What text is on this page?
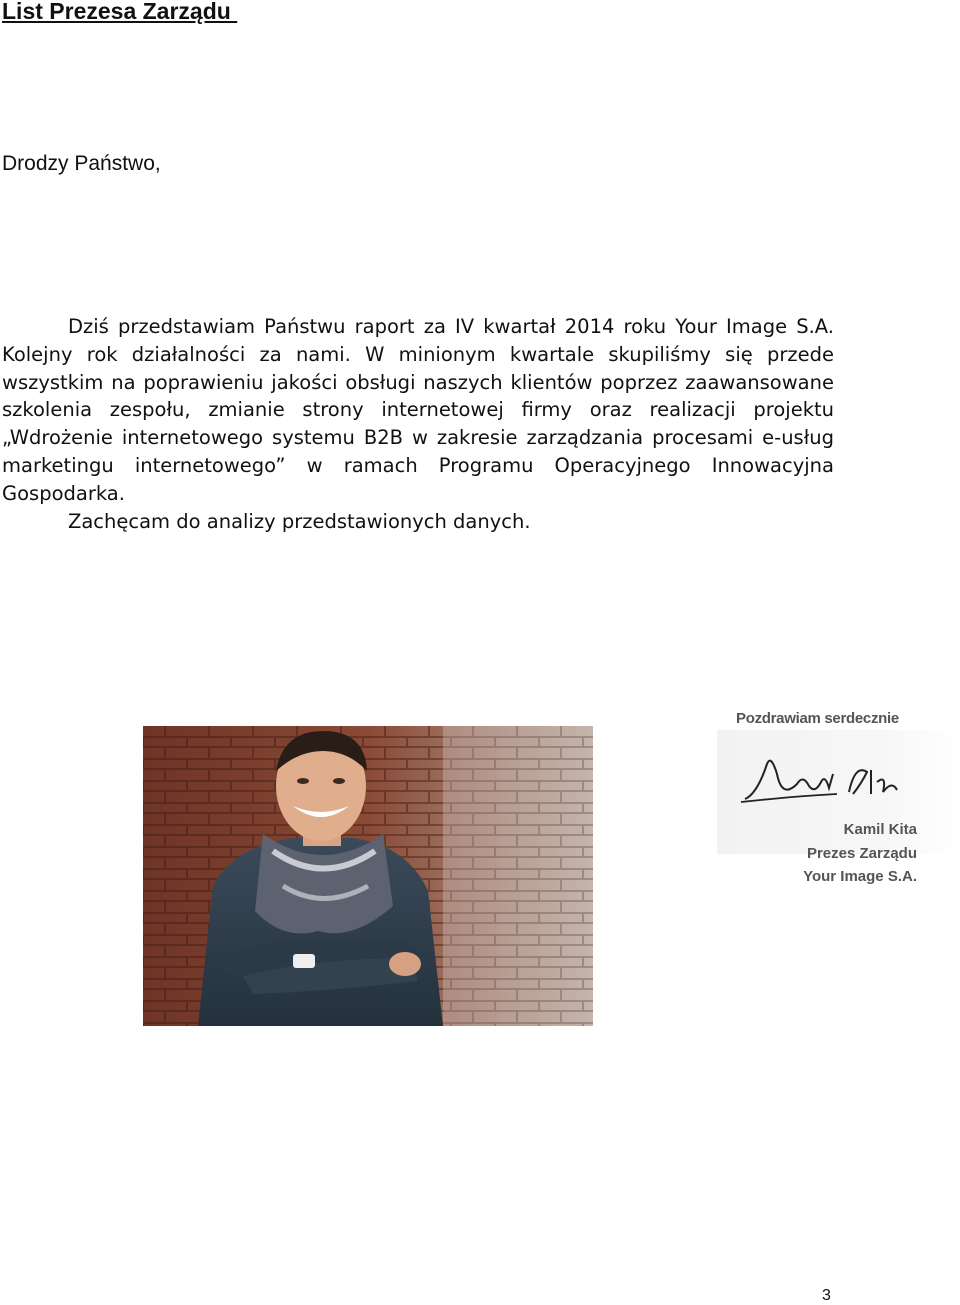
List Prezesa Zarządu
Drodzy Państwo,

Dziś przedstawiam Państwu raport za IV kwartał 2014 roku Your Image S.A. Kolejny rok działalności za nami. W minionym kwartale skupiliśmy się przede wszystkim na poprawieniu jakości obsługi naszych klientów poprzez zaawansowane szkolenia zespołu, zmianie strony internetowej firmy oraz realizacji projektu „Wdrożenie internetowego systemu B2B w zakresie zarządzania procesami e-usług marketingu internetowego” w ramach Programu Operacyjnego Innowacyjna Gospodarka.

Zachęcam do analizy przedstawionych danych.

Pozdrawiam serdecznie
Kamil Kita
Prezes Zarządu
Your Image S.A.
3
